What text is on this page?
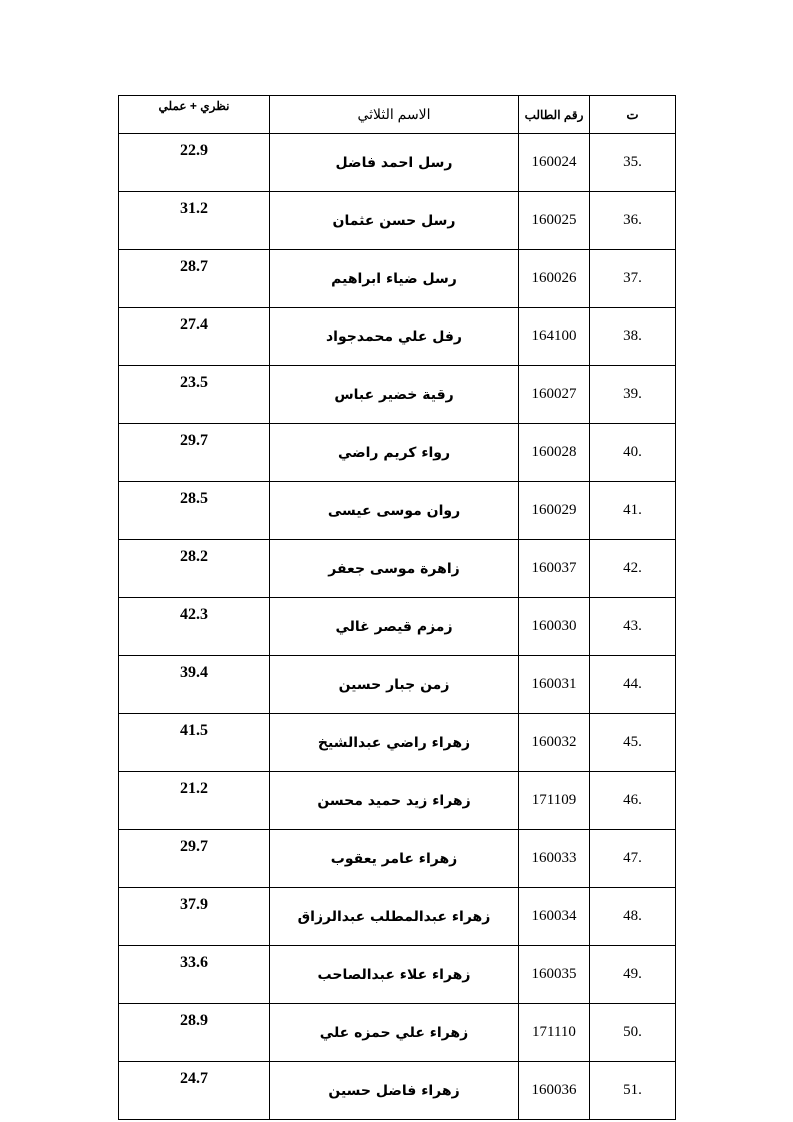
نظري + عملي	الاسم الثلاثي	رقم الطالب	ت
22.9	رسل احمد فاضل	160024	35.
31.2	رسل حسن عثمان	160025	36.
28.7	رسل ضياء ابراهيم	160026	37.
27.4	رفل علي محمدجواد	164100	38.
23.5	رقية خضير عباس	160027	39.
29.7	رواء كريم راضي	160028	40.
28.5	روان موسى عيسى	160029	41.
28.2	زاهرة موسى جعفر	160037	42.
42.3	زمزم قيصر غالي	160030	43.
39.4	زمن جبار حسين	160031	44.
41.5	زهراء راضي عبدالشيخ	160032	45.
21.2	زهراء زيد حميد محسن	171109	46.
29.7	زهراء عامر يعقوب	160033	47.
37.9	زهراء عبدالمطلب عبدالرزاق	160034	48.
33.6	زهراء علاء عبدالصاحب	160035	49.
28.9	زهراء علي حمزه علي	171110	50.
24.7	زهراء فاضل حسين	160036	51.
